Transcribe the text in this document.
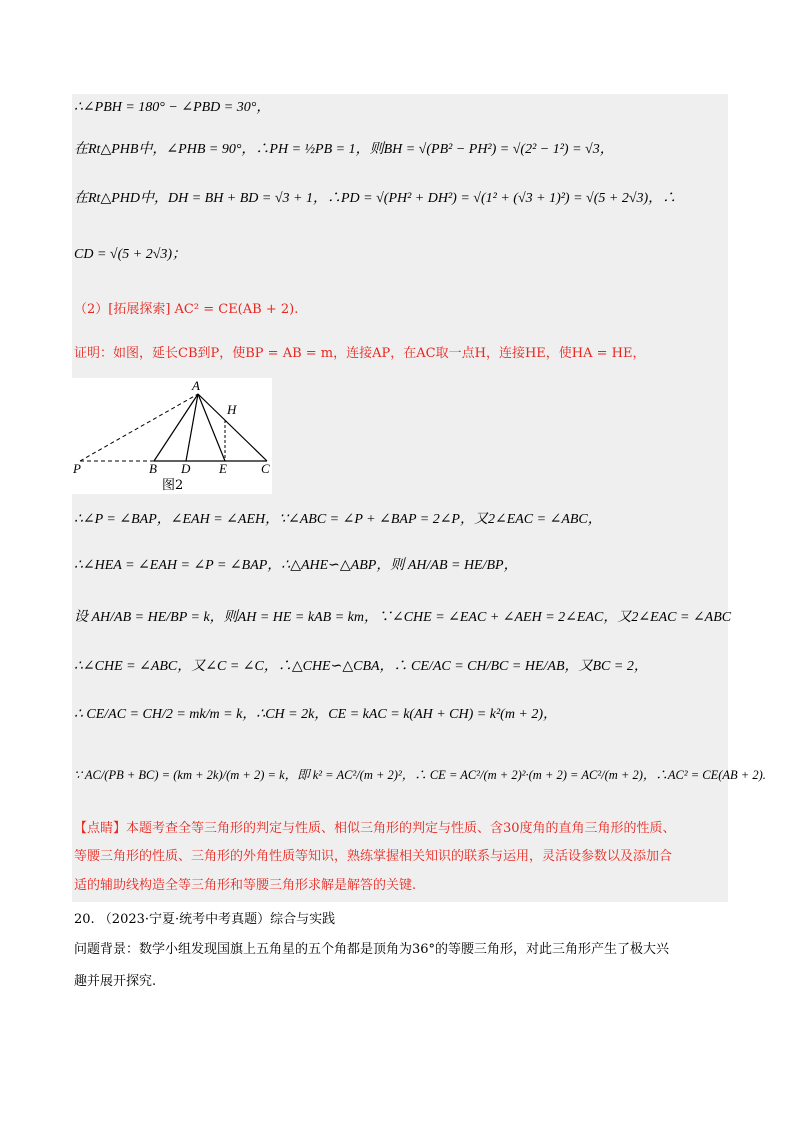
∴∠PBH = 180° − ∠PBD = 30°，
在Rt△PHB中，∠PHB = 90°，∴PH = ½PB = 1，则BH = √(PB² − PH²) = √(2² − 1²) = √3，
在Rt△PHD中，DH = BH + BD = √3 + 1，∴PD = √(PH² + DH²) = √(1² + (√3 + 1)²) = √(5 + 2√3)，∴
CD = √(5 + 2√3)；
（2）[拓展探索] AC² = CE(AB + 2).
证明：如图，延长CB到P，使BP = AB = m，连接AP，在AC取一点H，连接HE，使HA = HE，
A
H
P	B D E	C
图2
∴∠P = ∠BAP，∠EAH = ∠AEH，∵∠ABC = ∠P + ∠BAP = 2∠P，又2∠EAC = ∠ABC，
∴∠HEA = ∠EAH = ∠P = ∠BAP，∴△AHE∽△ABP，则 AH/AB = HE/BP，
设 AH/AB = HE/BP = k，则AH = HE = kAB = km，∵∠CHE = ∠EAC + ∠AEH = 2∠EAC，又2∠EAC = ∠ABC
∴∠CHE = ∠ABC，又∠C = ∠C，∴△CHE∽△CBA，∴ CE/AC = CH/BC = HE/AB，又BC = 2，
∴ CE/AC = CH/2 = mk/m = k，∴CH = 2k，CE = kAC = k(AH + CH) = k²(m + 2)，
∵ AC/(PB + BC) = (km + 2k)/(m + 2) = k，即 k² = AC²/(m + 2)²，∴ CE = AC²/(m + 2)²·(m + 2) = AC²/(m + 2)，∴AC² = CE(AB + 2).
【点睛】本题考查全等三角形的判定与性质、相似三角形的判定与性质、含30度角的直角三角形的性质、
等腰三角形的性质、三角形的外角性质等知识，熟练掌握相关知识的联系与运用，灵活设参数以及添加合
适的辅助线构造全等三角形和等腰三角形求解是解答的关键.
20. （2023·宁夏·统考中考真题）综合与实践
问题背景：数学小组发现国旗上五角星的五个角都是顶角为36°的等腰三角形，对此三角形产生了极大兴
趣并展开探究.
